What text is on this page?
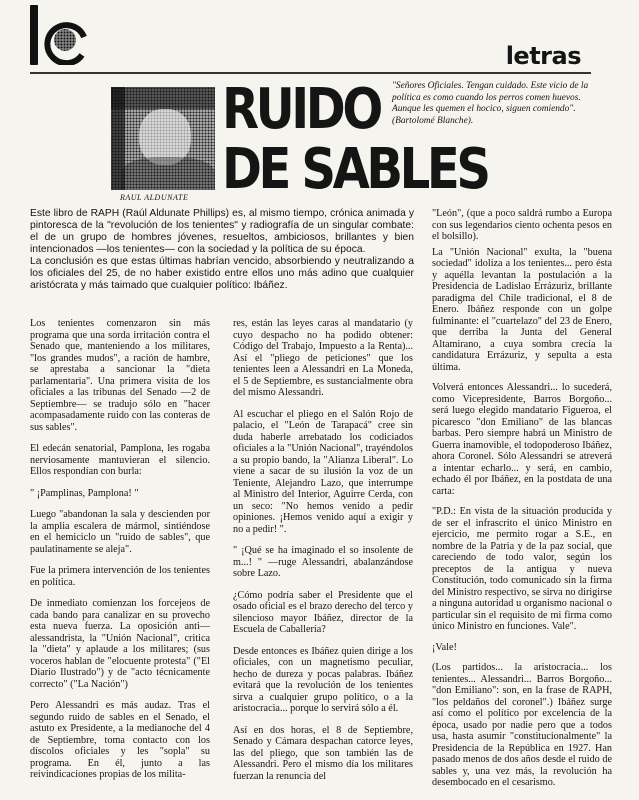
letras
RAUL ALDUNATE
RUIDO
DE SABLES
"Señores Oficiales. Tengan cuidado. Este vicio de la política es como cuando los perros comen huevos. Aunque les quemen el hocico, siguen comiendo".
(Bartolomé Blanche).

Este libro de RAPH (Raúl Aldunate Phillips) es, al mismo tiempo, crónica animada y pintoresca de la "revolución de los tenientes" y radiografía de un singular combate: el de un grupo de hombres jóvenes, resueltos, ambiciosos, brillantes y bien intencionados —los tenientes— con la sociedad y la política de su época.

La conclusión es que estas últimas habrían vencido, absorbiendo y neutralizando a los oficiales del 25, de no haber existido entre ellos uno más adino que cualquier aristócrata y más taimado que cualquier político: Ibáñez.

Los tenientes comenzaron sin más programa que una sorda irritación contra el Senado que, manteniendo a los militares, "los grandes mudos", a ración de hambre, se aprestaba a sancionar la "dieta parlamentaria". Una primera visita de los oficiales a las tribunas del Senado —2 de Septiembre— se tradujo sólo en "hacer acompasadamente ruido con las conteras de sus sables".

El edecán senatorial, Pamplona, les rogaba nerviosamente mantuvieran el silencio. Ellos respondían con burla:

" ¡Pamplinas, Pamplona! "

Luego "abandonan la sala y descienden por la amplia escalera de mármol, sintiéndose en el hemiciclo un "ruido de sables", que paulatinamente se aleja".

Fue la primera intervención de los tenientes en política.

De inmediato comienzan los forcejeos de cada bando para canalizar en su provecho esta nueva fuerza. La oposición anti—alessandrista, la "Unión Nacional", critica la "dieta" y aplaude a los militares; (sus voceros hablan de "elocuente protesta" ("El Diario Ilustrado") y de "acto técnicamente correcto" ("La Nación")

Pero Alessandri es más audaz. Tras el segundo ruido de sables en el Senado, el astuto ex Presidente, a la medianoche del 4 de Septiembre, toma contacto con los díscolos oficiales y les "sopla" su programa. En él, junto a las reivindicaciones propias de los milita-

res, están las leyes caras al mandatario (y cuyo despacho no ha podido obtener: Código del Trabajo, Impuesto a la Renta)... Así el "pliego de peticiones" que los tenientes leen a Alessandri en La Moneda, el 5 de Septiembre, es sustancialmente obra del mismo Alessandri.

Al escuchar el pliego en el Salón Rojo de palacio, el "León de Tarapacá" cree sin duda haberle arrebatado los codiciados oficiales a la "Unión Nacional", trayéndolos a su propio bando, la "Alianza Liberal". Lo viene a sacar de su ilusión la voz de un Teniente, Alejandro Lazo, que interrumpe al Ministro del Interior, Aguirre Cerda, con un seco: "No hemos venido a pedir opiniones. ¡Hemos venido aquí a exigir y no a pedir! ".

" ¡Qué se ha imaginado el so insolente de m...! " —ruge Alessandri, abalanzándose sobre Lazo.

¿Cómo podría saber el Presidente que el osado oficial es el brazo derecho del terco y silencioso mayor Ibáñez, director de la Escuela de Caballería?

Desde entonces es Ibáñez quien dirige a los oficiales, con un magnetismo peculiar, hecho de dureza y pocas palabras. Ibáñez evitará que la revolución de los tenientes sirva a cualquier grupo político, o a la aristocracia... porque lo servirá sólo a él.

Así en dos horas, el 8 de Septiembre, Senado y Cámara despachan catorce leyes, las del pliego, que son también las de Alessandri. Pero el mismo día los militares fuerzan la renuncia del

"León", (que a poco saldrá rumbo a Europa con sus legendarios ciento ochenta pesos en el bolsillo).

La "Unión Nacional" exulta, la "buena sociedad" idoliza a los tenientes... pero ésta y aquélla levantan la postulación a la Presidencia de Ladislao Errázuriz, brillante paradigma del Chile tradicional, el 8 de Enero. Ibáñez responde con un golpe fulminante: el "cuartelazo" del 23 de Enero, que derriba la Junta del General Altamirano, a cuya sombra crecía la candidatura Errázuriz, y sepulta a esta última.

Volverá entonces Alessandri... lo sucederá, como Vicepresidente, Barros Borgoño... será luego elegido mandatario Figueroa, el picaresco "don Emiliano" de las blancas barbas. Pero siempre habrá un Ministro de Guerra inamovible, el todopoderoso Ibáñez, ahora Coronel. Sólo Alessandri se atreverá a intentar echarlo... y será, en cambio, echado él por Ibáñez, en la postdata de una carta:

"P.D.: En vista de la situación producida y de ser el infrascrito el único Ministro en ejercicio, me permito rogar a S.E., en nombre de la Patria y de la paz social, que careciendo de todo valor, según los preceptos de la antigua y nueva Constitución, todo comunicado sin la firma del Ministro respectivo, se sirva no dirigirse a ninguna autoridad u organismo nacional o particular sin el requisito de mi firma como único Ministro en funciones. Vale".

¡Vale!

(Los partidos... la aristocracia... los tenientes... Alessandri... Barros Borgoño... "don Emiliano": son, en la frase de RAPH, "los peldaños del coronel".) Ibáñez surge así como el político por excelencia de la época, usado por nadie pero que a todos usa, hasta asumir "constitucionalmente" la Presidencia de la República en 1927. Han pasado menos de dos años desde el ruido de sables y, una vez más, la revolución ha desembocado en el cesarismo.
